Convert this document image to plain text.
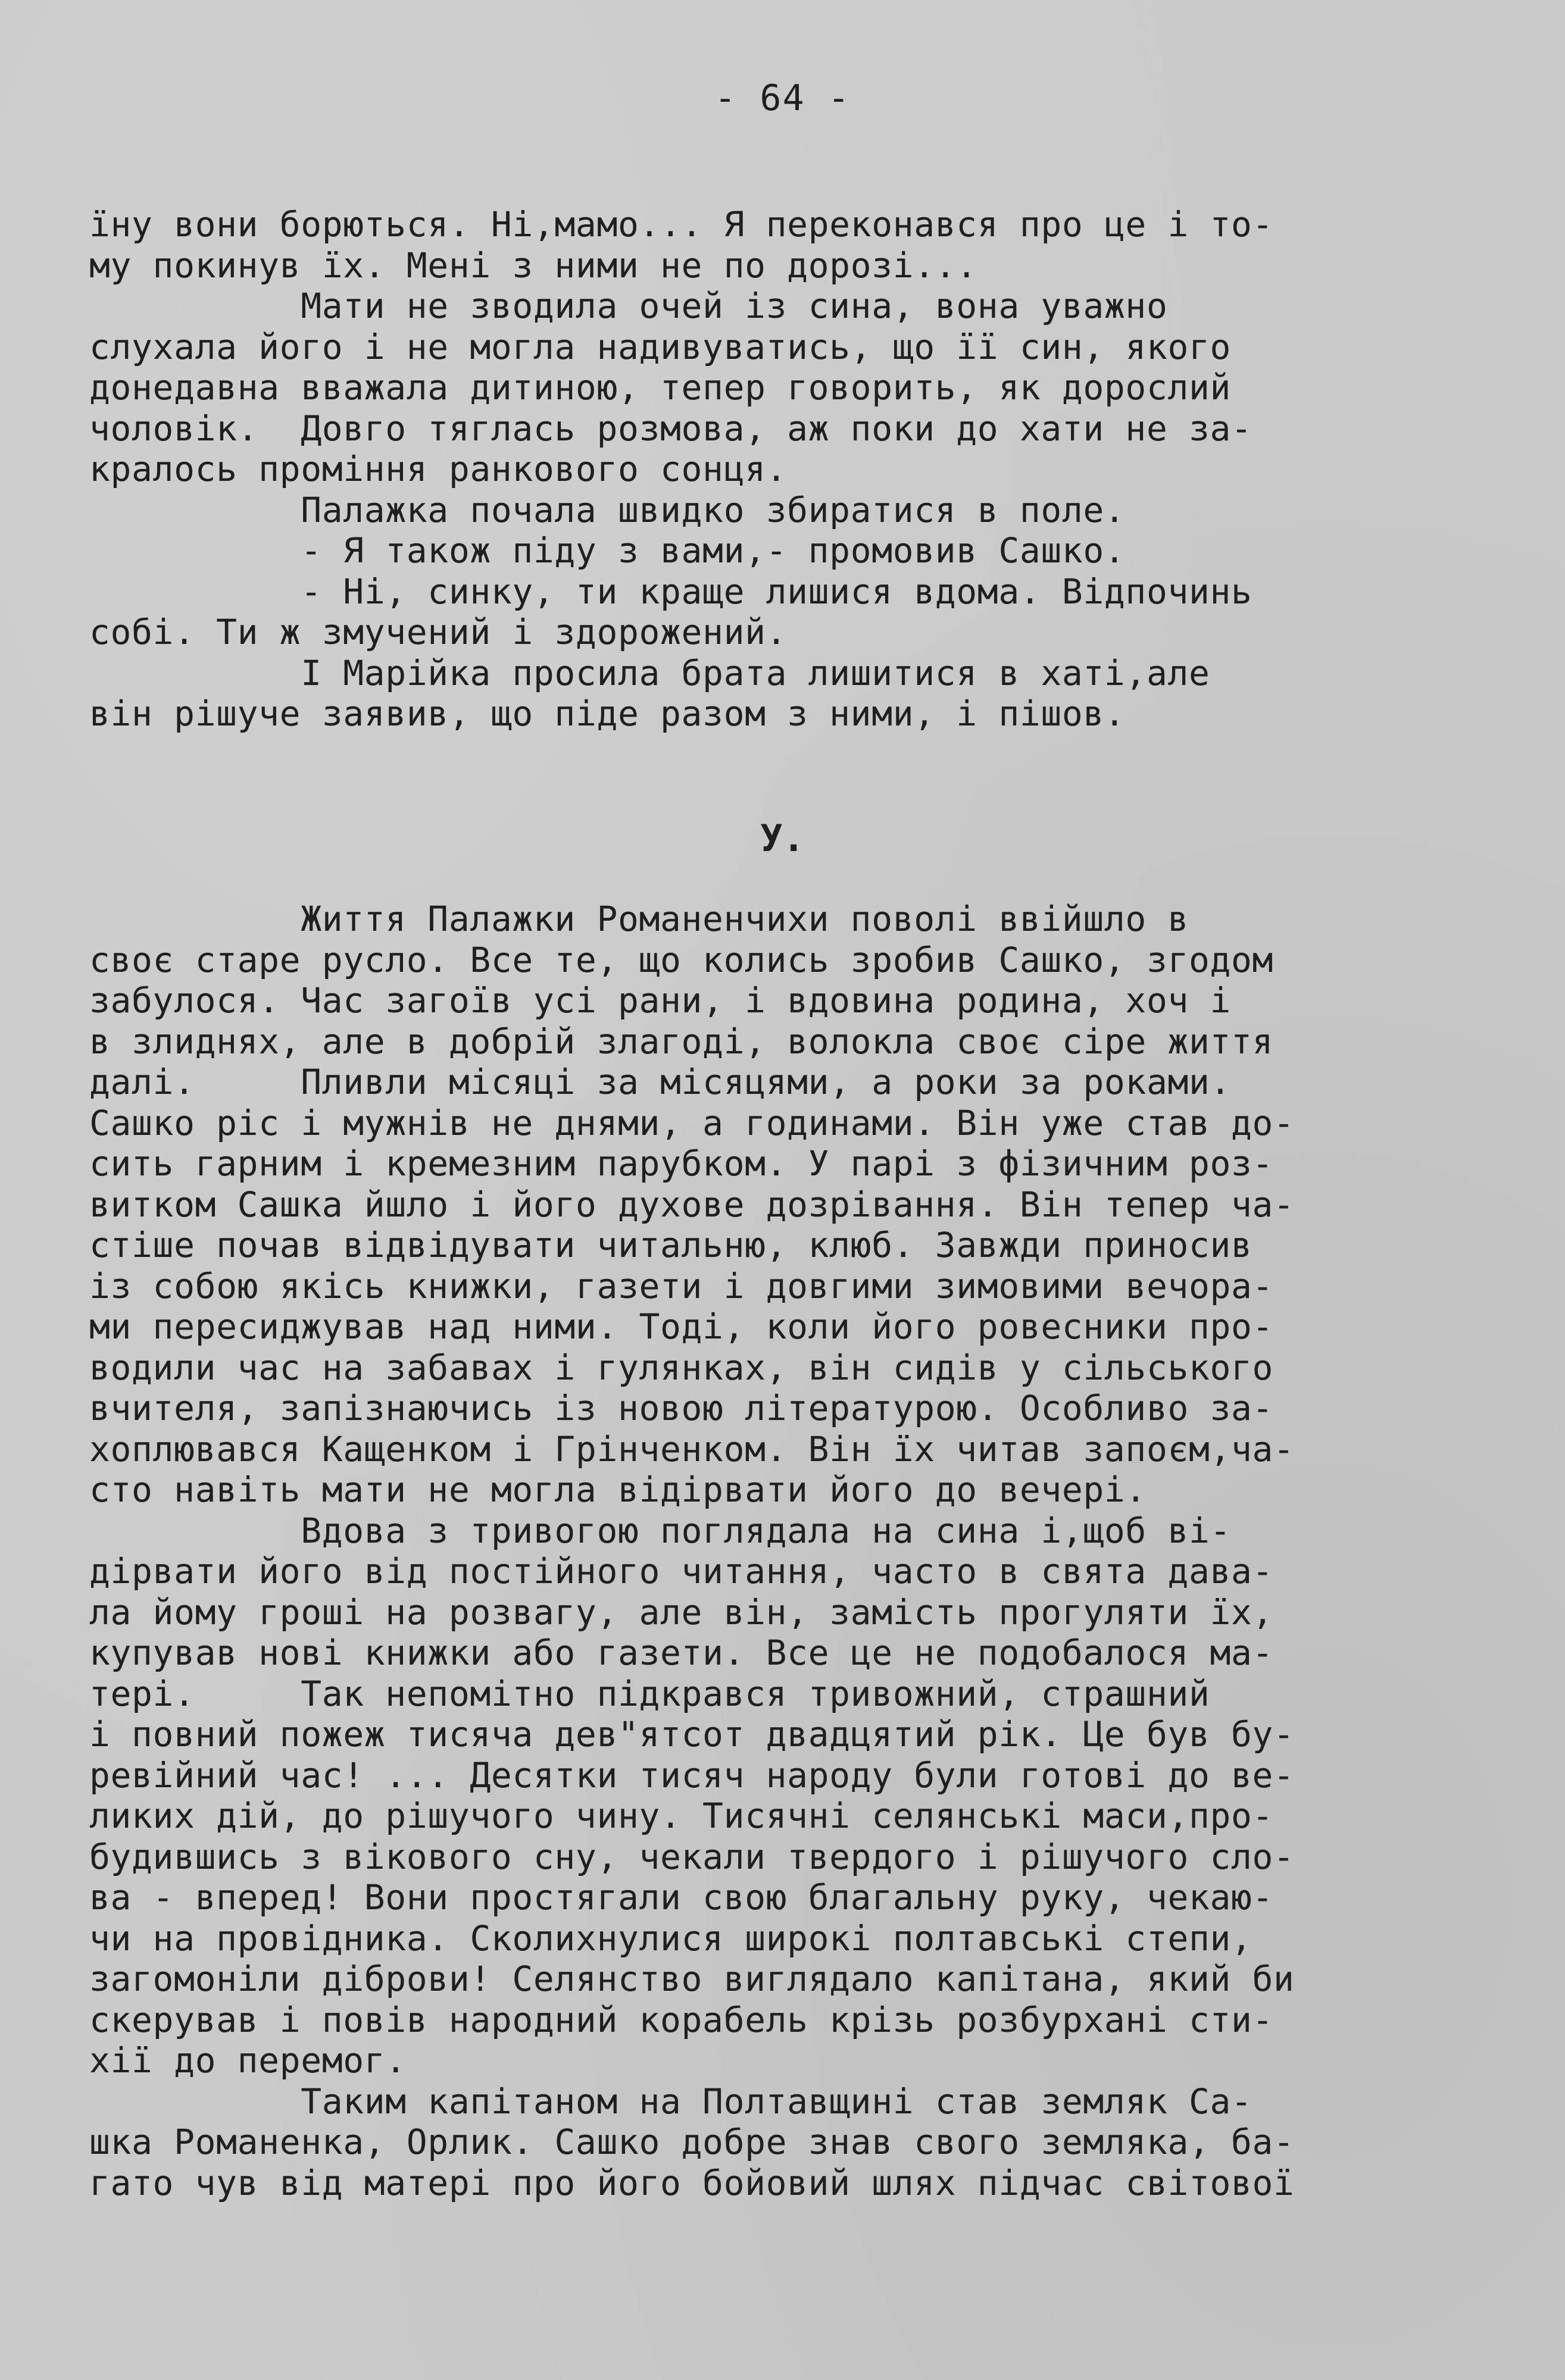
- 64 -
їну вони борються. Ні,мамо... Я переконався про це і то-
му покинув їх. Мені з ними не по дорозі...
Мати не зводила очей із сина, вона уважно
слухала його і не могла надивуватись, що її син, якого
донедавна вважала дитиною, тепер говорить, як дорослий
чоловік.  Довго тяглась розмова, аж поки до хати не за-
кралось проміння ранкового сонця.
Палажка почала швидко збиратися в поле.
- Я також піду з вами,- промовив Сашко.
- Ні, синку, ти краще лишися вдома. Відпочинь
собі. Ти ж змучений і здорожений.
І Марійка просила брата лишитися в хаті,але
він рішуче заявив, що піде разом з ними, і пішов.
У.
Життя Палажки Романенчихи поволі ввійшло в
своє старе русло. Все те, що колись зробив Сашко, згодом
забулося. Час загоїв усі рани, і вдовина родина, хоч і
в злиднях, але в добрій злагоді, волокла своє сіре життя
далі.     Пливли місяці за місяцями, а роки за роками.
Сашко ріс і мужнів не днями, а годинами. Він уже став до-
сить гарним і кремезним парубком. У парі з фізичним роз-
витком Сашка йшло і його духове дозрівання. Він тепер ча-
стіше почав відвідувати читальню, клюб. Завжди приносив
із собою якісь книжки, газети і довгими зимовими вечора-
ми пересиджував над ними. Тоді, коли його ровесники про-
водили час на забавах і гулянках, він сидів у сільського
вчителя, запізнаючись із новою літературою. Особливо за-
хоплювався Кащенком і Грінченком. Він їх читав запоєм,ча-
сто навіть мати не могла відірвати його до вечері.
Вдова з тривогою поглядала на сина і,щоб ві-
дірвати його від постійного читання, часто в свята дава-
ла йому гроші на розвагу, але він, замість прогуляти їх,
купував нові книжки або газети. Все це не подобалося ма-
тері.     Так непомітно підкрався тривожний, страшний
і повний пожеж тисяча дев"ятсот двадцятий рік. Це був бу-
ревійний час! ... Десятки тисяч народу були готові до ве-
ликих дій, до рішучого чину. Тисячні селянські маси,про-
будившись з вікового сну, чекали твердого і рішучого сло-
ва - вперед! Вони простягали свою благальну руку, чекаю-
чи на провідника. Сколихнулися широкі полтавські степи,
загомоніли діброви! Селянство виглядало капітана, який би
скерував і повів народний корабель крізь розбурхані сти-
хії до перемог.
Таким капітаном на Полтавщині став земляк Са-
шка Романенка, Орлик. Сашко добре знав свого земляка, ба-
гато чув від матері про його бойовий шлях підчас світової
